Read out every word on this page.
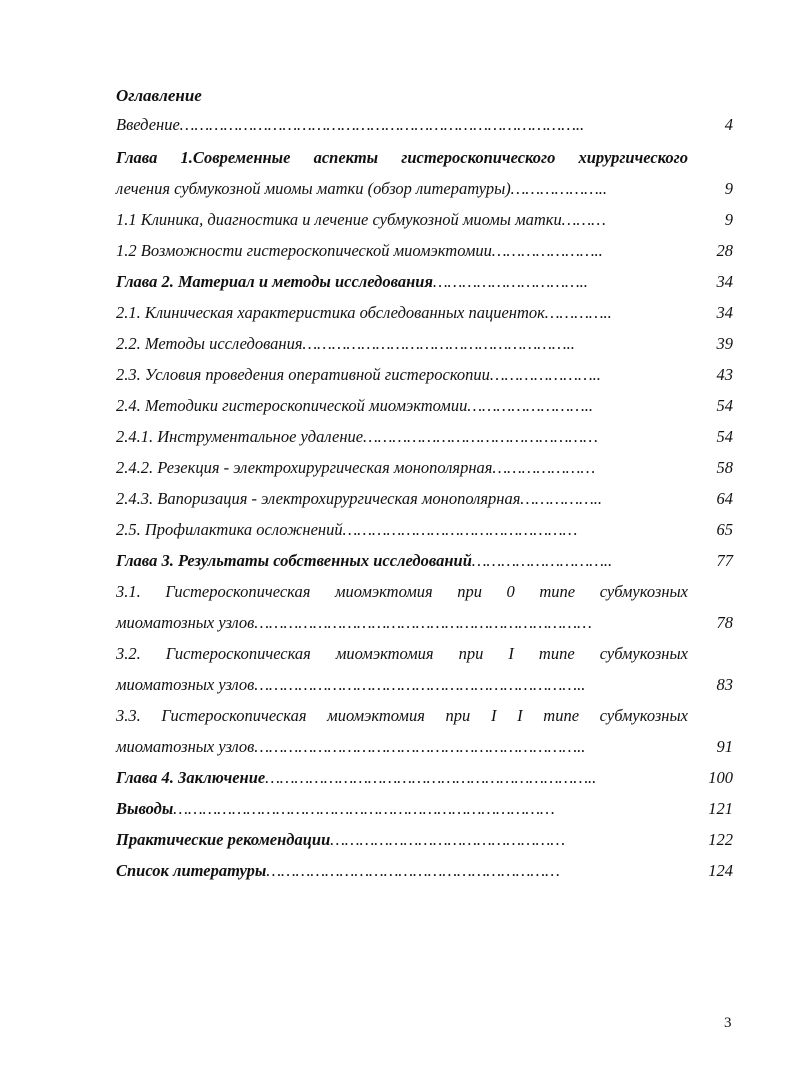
Оглавление
Введение………………………………………………………………………..	4
Глава 1.Современные аспекты гистероскопического хирургического
лечения субмукозной миомы матки (обзор литературы)………………..	9
1.1 Клиника, диагностика и лечение субмукозной миомы матки………	9
1.2 Возможности гистероскопической миомэктомии…………………..	28
Глава 2. Материал и методы исследования…………………………..	34
2.1. Клиническая характеристика обследованных пациенток…………..	34
2.2. Методы исследования………………………………………………..	39
2.3. Условия проведения оперативной гистероскопии…………………..	43
2.4. Методики гистероскопической миомэктомии……………………..	54
2.4.1. Инструментальное удаление…………………………………………	54
2.4.2. Резекция - электрохирургическая монополярная…………………	58
2.4.3. Вапоризация - электрохирургическая монополярная……………..	64
2.5. Профилактика осложнений…………………………………………	65
Глава 3. Результаты собственных исследований………………………..	77
3.1. Гистероскопическая миомэктомия при 0 типе субмукозных
миоматозных узлов……………………………………………………………	78
3.2. Гистероскопическая миомэктомия при I типе субмукозных
миоматозных узлов…………………………………………………………..	83
3.3. Гистероскопическая миомэктомия при I I типе субмукозных
миоматозных узлов…………………………………………………………..	91
Глава 4. Заключение…………………………………………………………..	100
Выводы……………………………………………………………………	121
Практические рекомендации…………………………………………	122
Список литературы……………………………………………………	124
3
